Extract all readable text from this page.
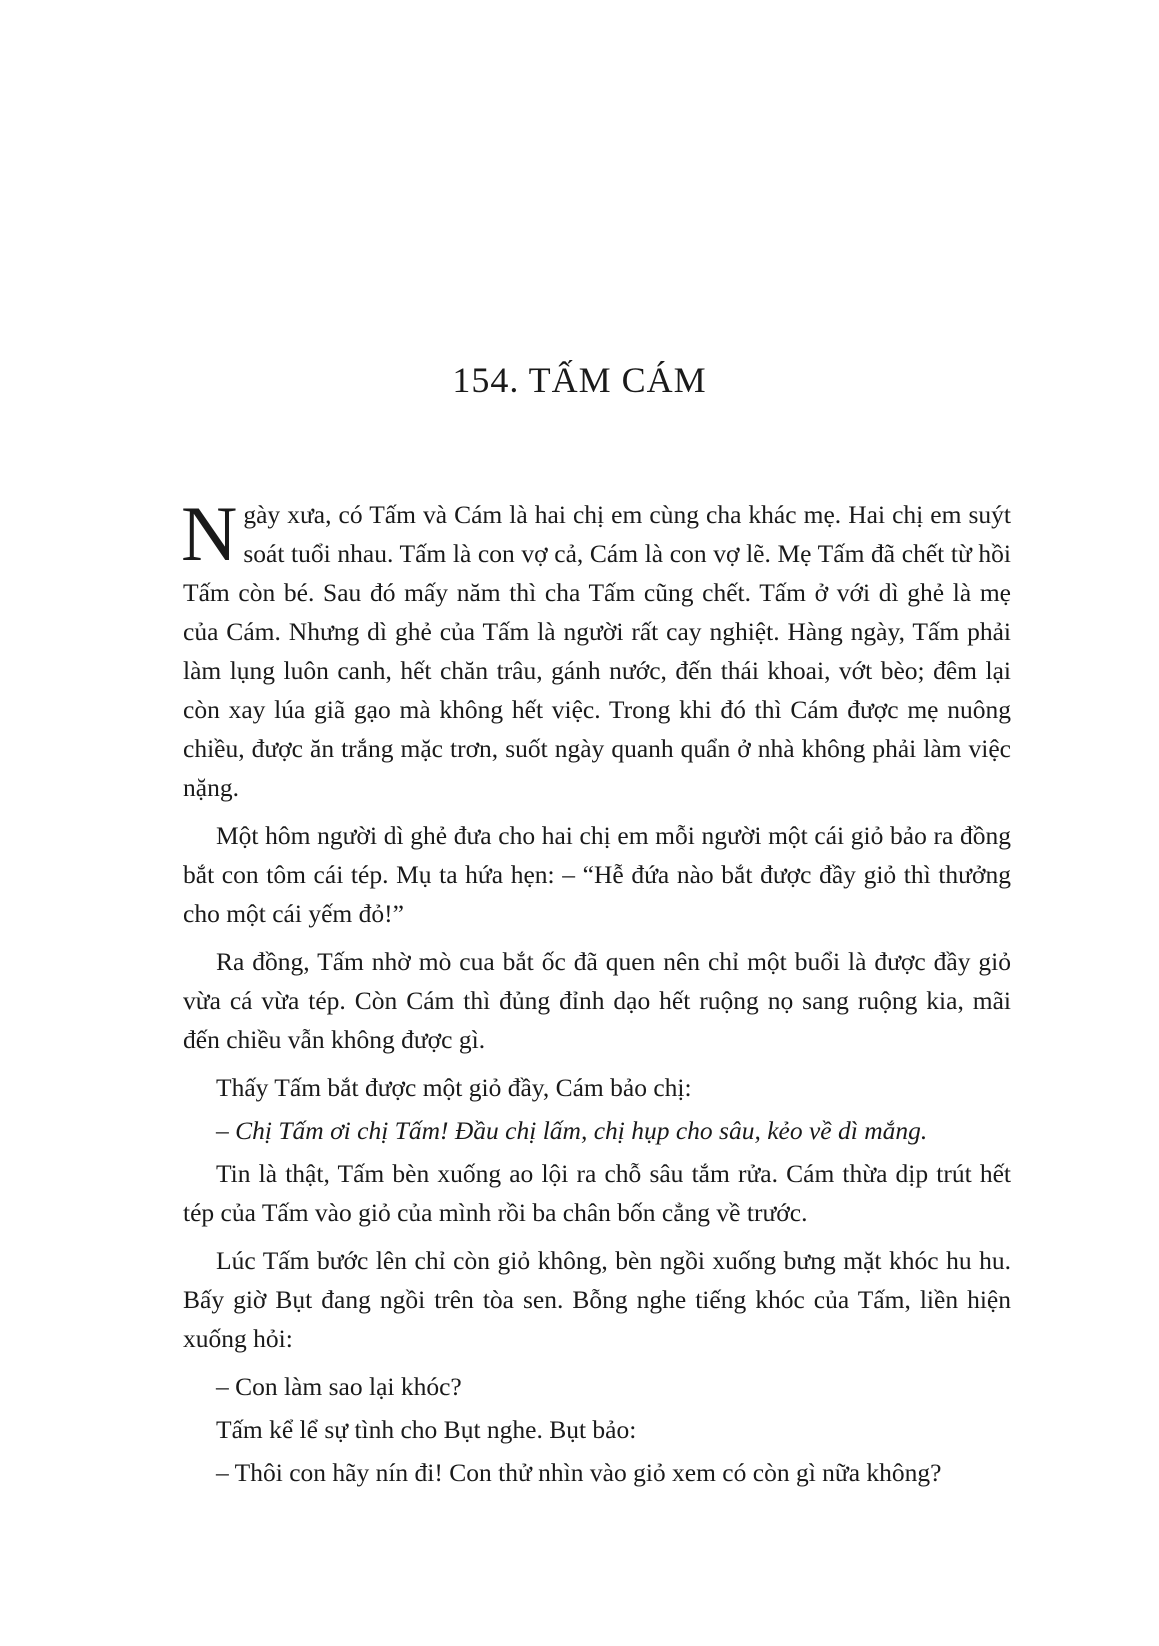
154. TẤM CÁM

Ngày xưa, có Tấm và Cám là hai chị em cùng cha khác mẹ. Hai chị em suýt soát tuổi nhau. Tấm là con vợ cả, Cám là con vợ lẽ. Mẹ Tấm đã chết từ hồi Tấm còn bé. Sau đó mấy năm thì cha Tấm cũng chết. Tấm ở với dì ghẻ là mẹ của Cám. Nhưng dì ghẻ của Tấm là người rất cay nghiệt. Hàng ngày, Tấm phải làm lụng luôn canh, hết chăn trâu, gánh nước, đến thái khoai, vớt bèo; đêm lại còn xay lúa giã gạo mà không hết việc. Trong khi đó thì Cám được mẹ nuông chiều, được ăn trắng mặc trơn, suốt ngày quanh quẩn ở nhà không phải làm việc nặng.

Một hôm người dì ghẻ đưa cho hai chị em mỗi người một cái giỏ bảo ra đồng bắt con tôm cái tép. Mụ ta hứa hẹn: – “Hễ đứa nào bắt được đầy giỏ thì thưởng cho một cái yếm đỏ!”

Ra đồng, Tấm nhờ mò cua bắt ốc đã quen nên chỉ một buổi là được đầy giỏ vừa cá vừa tép. Còn Cám thì đủng đỉnh dạo hết ruộng nọ sang ruộng kia, mãi đến chiều vẫn không được gì.

Thấy Tấm bắt được một giỏ đầy, Cám bảo chị:

– Chị Tấm ơi chị Tấm! Đầu chị lấm, chị hụp cho sâu, kẻo về dì mắng.

Tin là thật, Tấm bèn xuống ao lội ra chỗ sâu tắm rửa. Cám thừa dịp trút hết tép của Tấm vào giỏ của mình rồi ba chân bốn cẳng về trước.

Lúc Tấm bước lên chỉ còn giỏ không, bèn ngồi xuống bưng mặt khóc hu hu. Bấy giờ Bụt đang ngồi trên tòa sen. Bỗng nghe tiếng khóc của Tấm, liền hiện xuống hỏi:

– Con làm sao lại khóc?

Tấm kể lể sự tình cho Bụt nghe. Bụt bảo:

– Thôi con hãy nín đi! Con thử nhìn vào giỏ xem có còn gì nữa không?
